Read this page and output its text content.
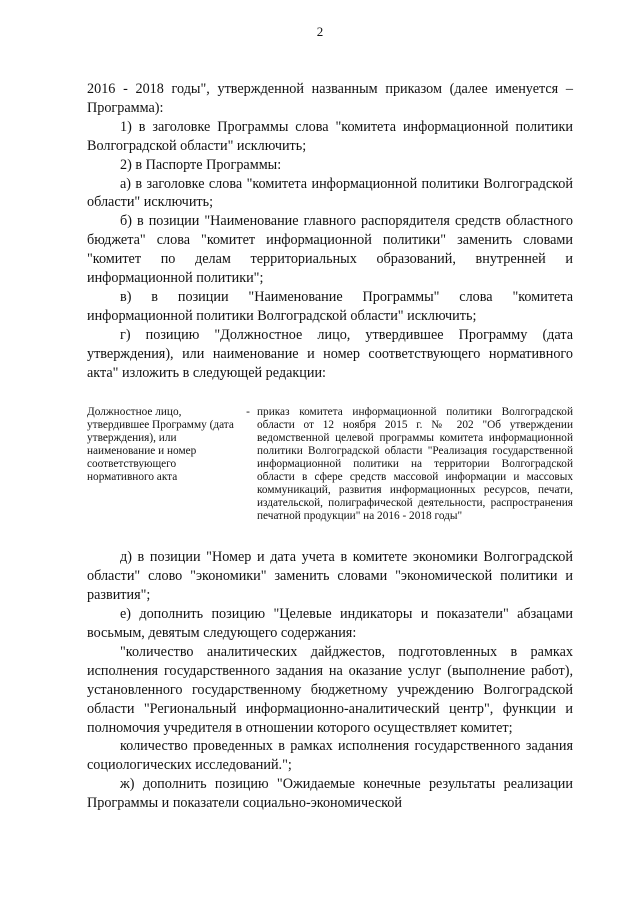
2

2016 - 2018 годы", утвержденной названным приказом (далее именуется – Программа):

1) в заголовке Программы слова "комитета информационной политики Волгоградской области" исключить;

2) в Паспорте Программы:

а) в заголовке слова "комитета информационной политики Волгоградской области" исключить;

б) в позиции "Наименование главного распорядителя средств областного бюджета" слова "комитет информационной политики" заменить словами "комитет по делам территориальных образований, внутренней и информационной политики";

в) в позиции "Наименование Программы" слова "комитета информационной политики Волгоградской области" исключить;

г) позицию "Должностное лицо, утвердившее Программу (дата утверждения), или наименование и номер соответствующего нормативного акта" изложить в следующей редакции:

Должностное лицо, утвердившее Программу (дата утверждения), или наименование и номер соответствующего нормативного акта
- приказ комитета информационной политики Волгоградской области от 12 ноября 2015 г. № 202 "Об утверждении ведомственной целевой программы комитета информационной политики Волгоградской области "Реализация государственной информационной политики на территории Волгоградской области в сфере средств массовой информации и массовых коммуникаций, развития информационных ресурсов, печати, издательской, полиграфической деятельности, распространения печатной продукции" на 2016 - 2018 годы"

д) в позиции "Номер и дата учета в комитете экономики Волгоградской области" слово "экономики" заменить словами "экономической политики и развития";

е) дополнить позицию "Целевые индикаторы и показатели" абзацами восьмым, девятым следующего содержания:

"количество аналитических дайджестов, подготовленных в рамках исполнения государственного задания на оказание услуг (выполнение работ), установленного государственному бюджетному учреждению Волгоградской области "Региональный информационно-аналитический центр", функции и полномочия учредителя в отношении которого осуществляет комитет;

количество проведенных в рамках исполнения государственного задания социологических исследований.";

ж) дополнить позицию "Ожидаемые конечные результаты реализации Программы и показатели социально-экономической
